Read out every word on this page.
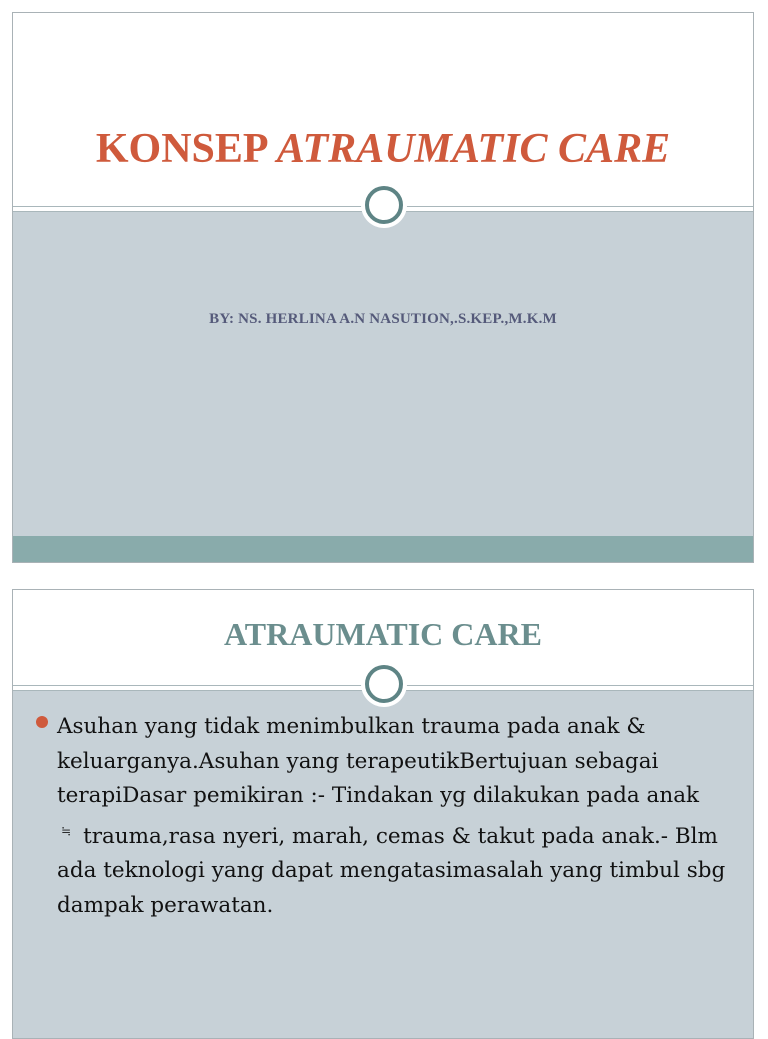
KONSEP ATRAUMATIC CARE
BY: NS. HERLINA A.N NASUTION,.S.KEP.,M.K.M
ATRAUMATIC CARE
Asuhan yang tidak menimbulkan trauma pada anak & keluarganya.Asuhan yang terapeutikBertujuan sebagai terapiDasar pemikiran :- Tindakan yg dilakukan pada anak ≒ trauma,rasa nyeri, marah, cemas & takut pada anak.- Blm ada teknologi yang dapat mengatasimasalah yang timbul sbg dampak perawatan.
